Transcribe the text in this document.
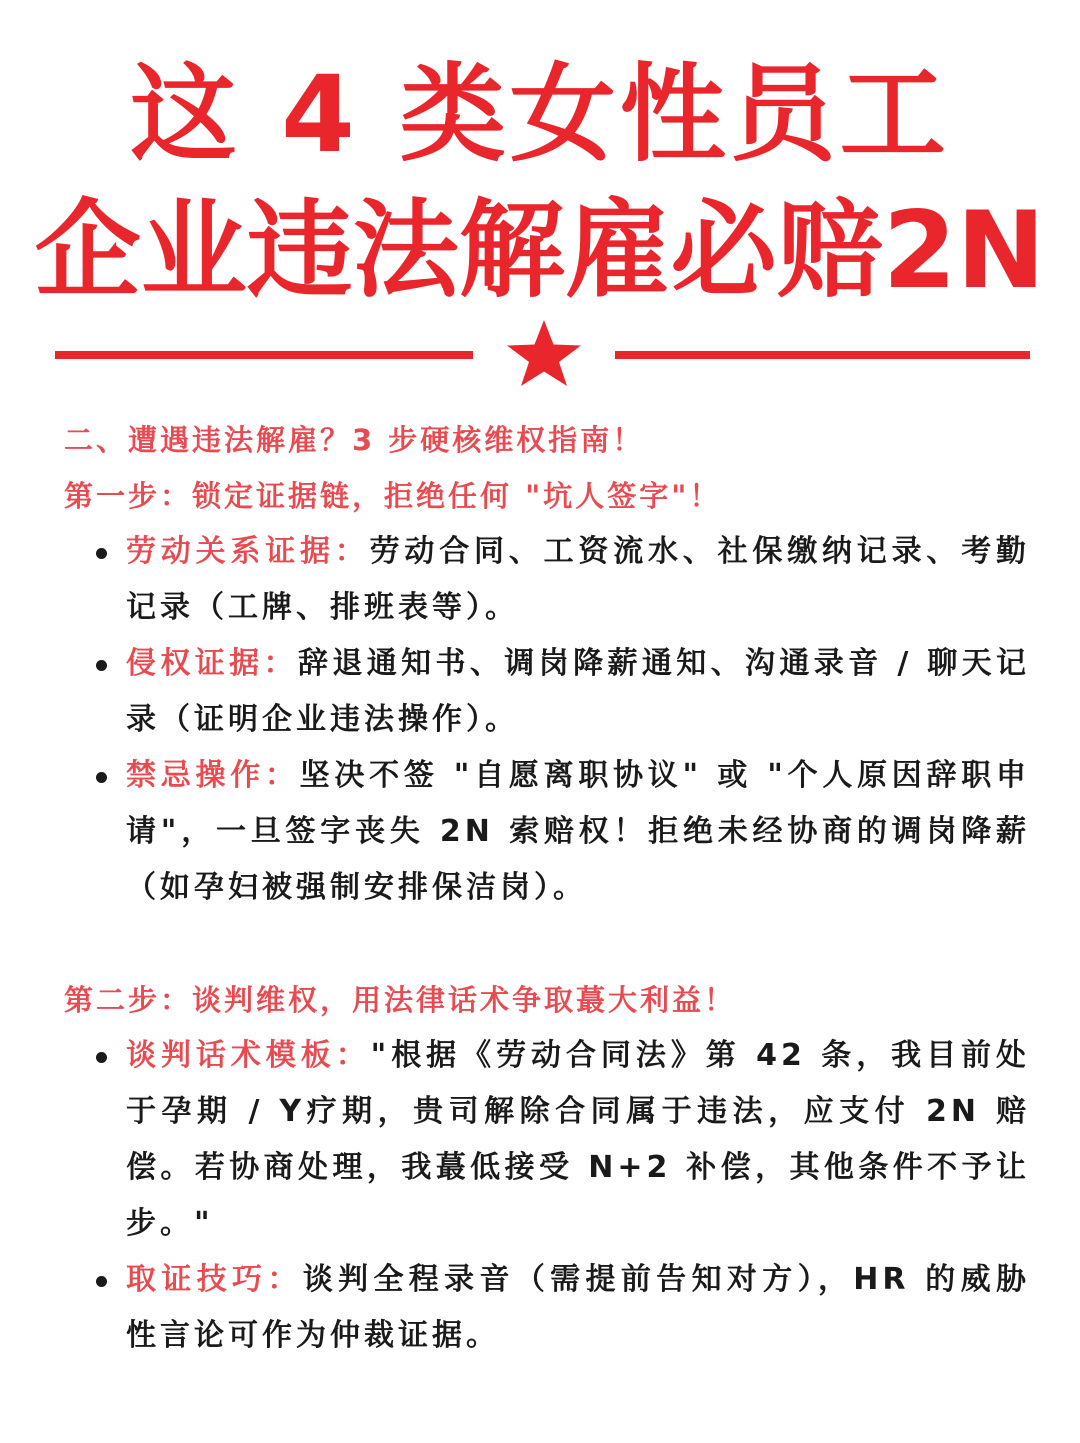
这 4 类女性员工
企业违法解雇必赔2N
二、遭遇违法解雇？3 步硬核维权指南！
第一步：锁定证据链，拒绝任何 "坑人签字"！
劳动关系证据：劳动合同、工资流水、社保缴纳记录、考勤记录（工牌、排班表等）。
侵权证据：辞退通知书、调岗降薪通知、沟通录音 / 聊天记录（证明企业违法操作）。
禁忌操作：坚决不签 "自愿离职协议" 或 "个人原因辞职申请"，一旦签字丧失 2N 索赔权！拒绝未经协商的调岗降薪（如孕妇被强制安排保洁岗）。
第二步：谈判维权，用法律话术争取蕞大利益！
谈判话术模板："根据《劳动合同法》第 42 条，我目前处于孕期 / Y疗期，贵司解除合同属于违法，应支付 2N 赔偿。若协商处理，我蕞低接受 N+2 补偿，其他条件不予让步。"
取证技巧：谈判全程录音（需提前告知对方），HR 的威胁性言论可作为仲裁证据。
